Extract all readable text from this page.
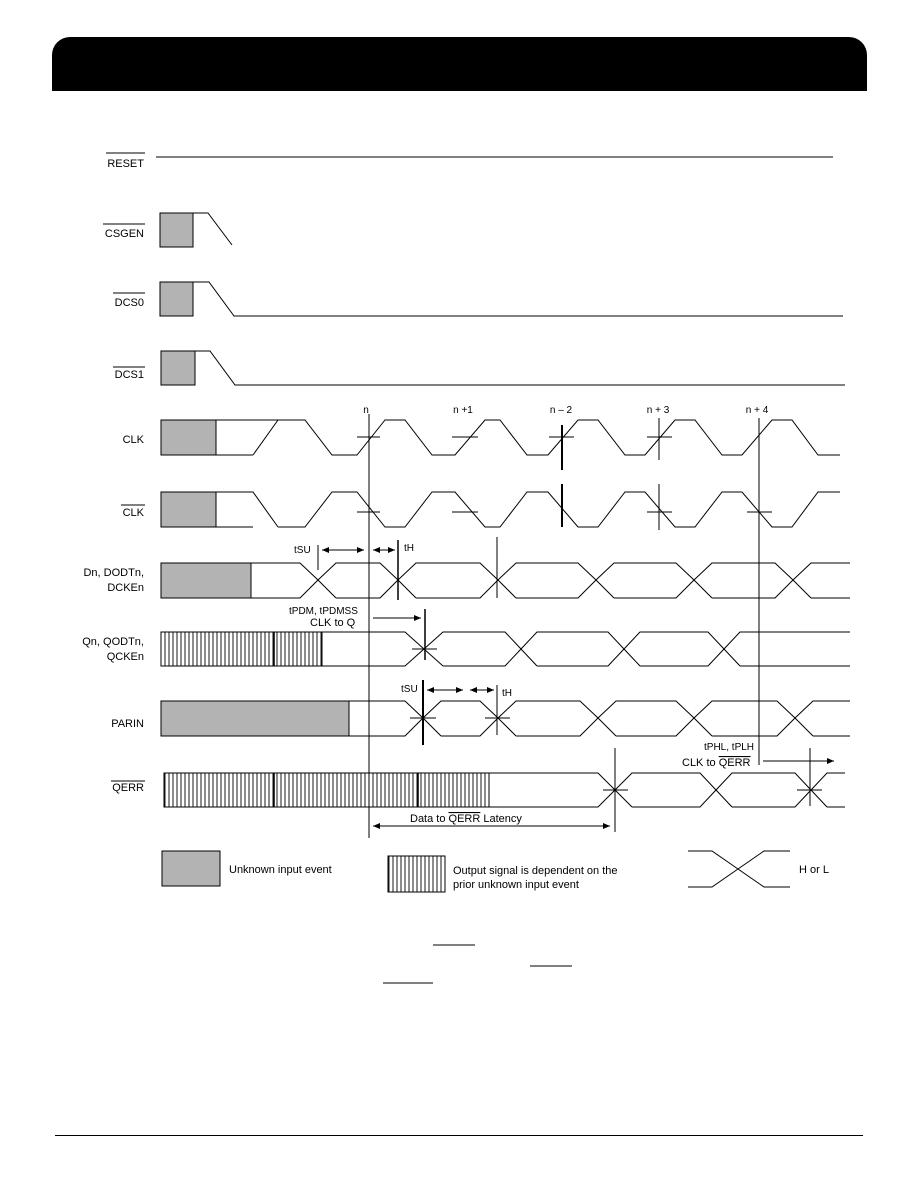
RESET
CSGEN
DCS0
DCS1
CLK
CLK
Dn, DODTn,
DCKEn
Qn, QODTn,
QCKEn
PARIN
QERR
n	n +1	n – 2	n + 3	n + 4
tSU	tH
tPDM, tPDMSS
CLK to Q
tSU	tH
tPHL, tPLH
CLK to QERR
Data to QERR Latency
Unknown input event	Output signal is dependent on the
prior unknown input event
H or L
